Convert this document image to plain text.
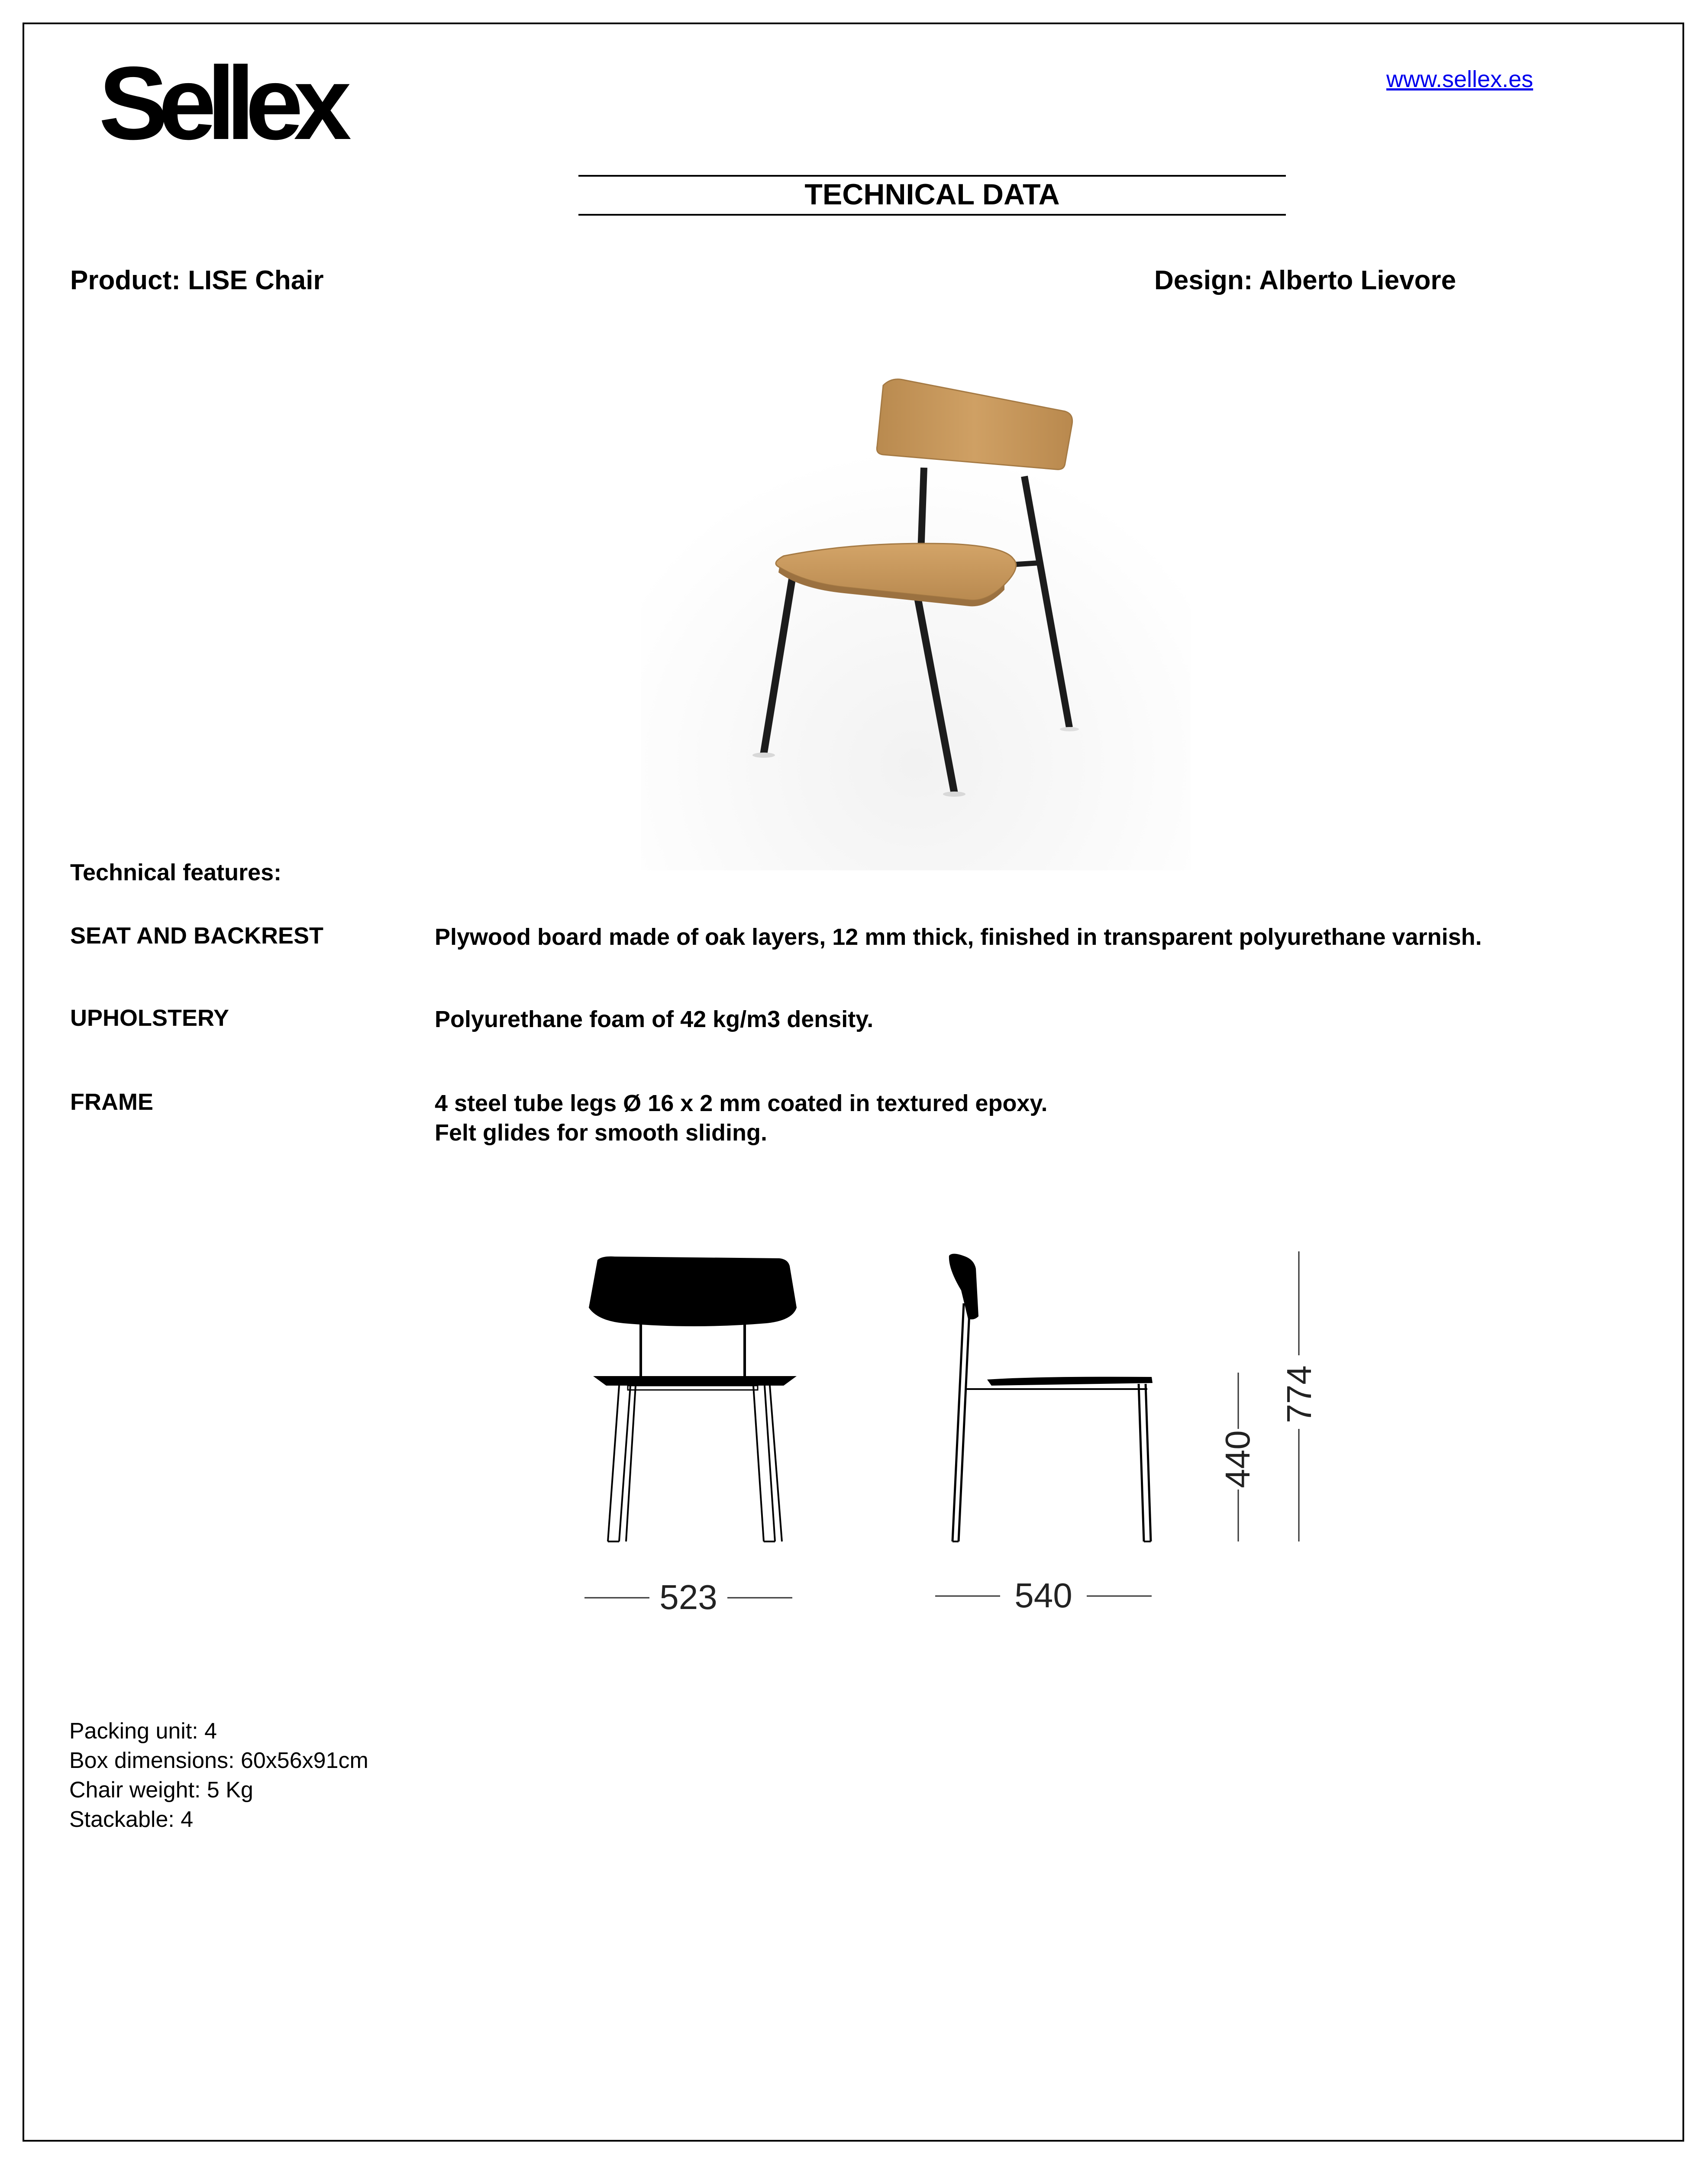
Sellex	www.sellex.es
TECHNICAL DATA
Product: LISE Chair	Design: Alberto Lievore
Technical features:
SEAT AND BACKREST	Plywood board made of oak layers, 12 mm thick, finished in transparent polyurethane varnish.
UPHOLSTERY	Polyurethane foam of 42 kg/m3 density.
FRAME	4 steel tube legs Ø 16 x 2 mm coated in textured epoxy.
Felt glides for smooth sliding.
523	540
440
774
Packing unit: 4
Box dimensions: 60x56x91cm
Chair weight: 5 Kg
Stackable: 4
